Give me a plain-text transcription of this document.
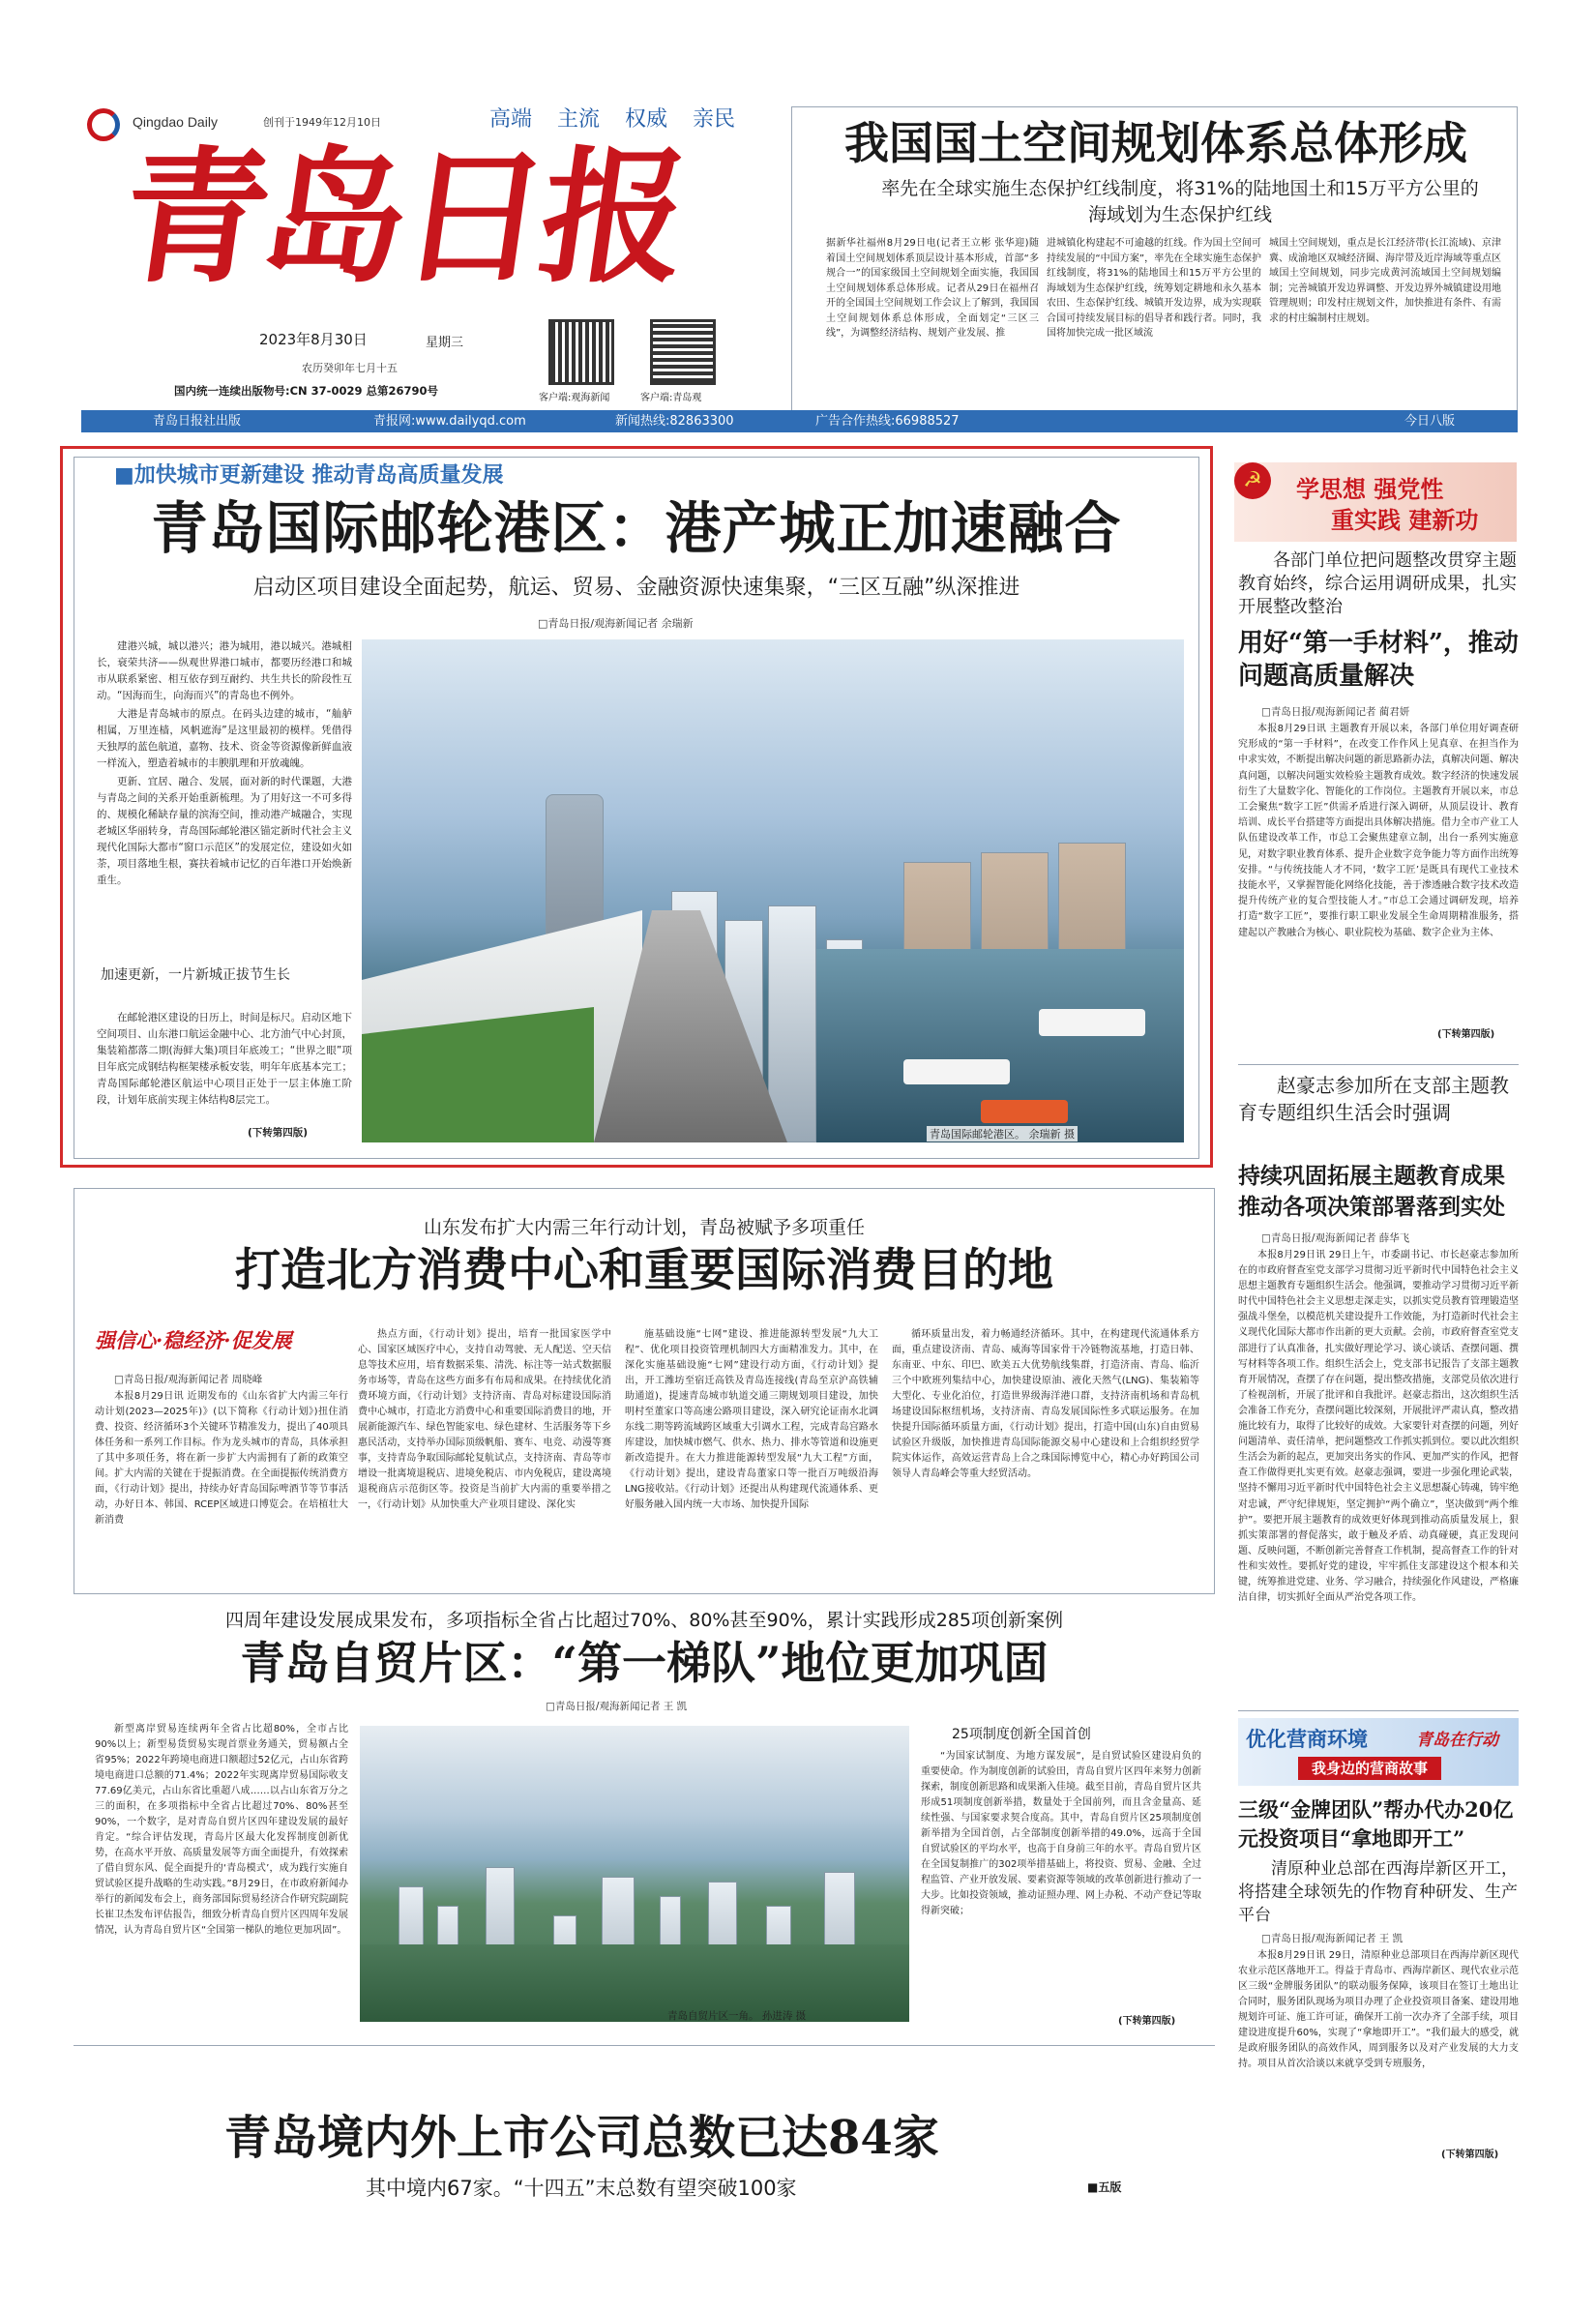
Qingdao Daily	创刊于1949年12月10日	高端 主流 权威 亲民
青岛日报
2023年8月30日	星期三
农历癸卯年七月十五
国内统一连续出版物号:CN 37-0029 总第26790号
客户端:观海新闻	客户端:青岛观
我国国土空间规划体系总体形成
率先在全球实施生态保护红线制度，将31%的陆地国土和15万平方公里的海域划为生态保护红线
据新华社福州8月29日电(记者王立彬 张华迎)随着国土空间规划体系顶层设计基本形成，首部“多规合一”的国家级国土空间规划全面实施，我国国土空间规划体系总体形成。记者从29日在福州召开的全国国土空间规划工作会议上了解到，我国国土空间规划体系总体形成，全面划定“三区三线”，为调整经济结构、规划产业发展、推
进城镇化构建起不可逾越的红线。作为国土空间可持续发展的“中国方案”，率先在全球实施生态保护红线制度，将31%的陆地国土和15万平方公里的海域划为生态保护红线，统筹划定耕地和永久基本农田、生态保护红线、城镇开发边界，成为实现联合国可持续发展目标的倡导者和践行者。同时，我国将加快完成一批区域流
城国土空间规划，重点是长江经济带(长江流域)、京津冀、成渝地区双城经济圈、海岸带及近岸海域等重点区域国土空间规划，同步完成黄河流域国土空间规划编制；完善城镇开发边界调整、开发边界外城镇建设用地管理规则；印发村庄规划文件，加快推进有条件、有需求的村庄编制村庄规划。
青岛日报社出版	青报网:www.dailyqd.com	新闻热线:82863300	广告合作热线:66988527	今日八版
■加快城市更新建设 推动青岛高质量发展
青岛国际邮轮港区：港产城正加速融合
启动区项目建设全面起势，航运、贸易、金融资源快速集聚，“三区互融”纵深推进
□青岛日报/观海新闻记者 余瑞新

建港兴城，城以港兴；港为城用，港以城兴。港城相长，衰荣共济——纵观世界港口城市，都要历经港口和城市从联系紧密、相互依存到互耐约、共生共长的阶段性互动。“因海而生，向海而兴”的青岛也不例外。

大港是青岛城市的原点。在码头边建的城市，“舢舻相属，万里连樯，风帆遮海”是这里最初的模样。凭借得天独厚的蓝色航道，嘉物、技术、资金等资源像新鲜血液一样流入，塑造着城市的丰腴肌理和开放魂魄。

更新、宜居、融合、发展，面对新的时代课题，大港与青岛之间的关系开始重新梳理。为了用好这一不可多得的、规模化稀缺存量的滨海空间，推动港产城融合，实现老城区华丽转身，青岛国际邮轮港区锚定新时代社会主义现代化国际大都市“窗口示范区”的发展定位，建设如火如荼，项目落地生根，赛扶着城市记忆的百年港口开始焕新重生。

加速更新，一片新城正拔节生长

在邮轮港区建设的日历上，时间是标尺。启动区地下空间项目、山东港口航运金融中心、北方油气中心封顶，集装箱都落二期(海鲜大集)项目年底竣工；“世界之眼”项目年底完成钢结构框架楼承板安装，明年年底基本完工；青岛国际邮轮港区航运中心项目正处于一层主体施工阶段，计划年底前实现主体结构8层完工。

(下转第四版)	青岛国际邮轮港区。 余瑞新 摄
☭	学思想 强党性
重实践 建新功
各部门单位把问题整改贯穿主题教育始终，综合运用调研成果，扎实开展整改整治
用好“第一手材料”，推动问题高质量解决
□青岛日报/观海新闻记者 蔺君妍

本报8月29日讯 主题教育开展以来，各部门单位用好调查研究形成的“第一手材料”，在改变工作作风上见真章、在担当作为中求实效，不断提出解决问题的新思路新办法，真解决问题、解决真问题，以解决问题实效检验主题教育成效。数字经济的快速发展衍生了大量数字化、智能化的工作岗位。主题教育开展以来，市总工会聚焦“数字工匠”供需矛盾进行深入调研，从顶层设计、教育培训、成长平台搭建等方面提出具体解决措施。借力全市产业工人队伍建设改革工作，市总工会聚焦建章立制，出台一系列实施意见，对数字职业教育体系、提升企业数字竞争能力等方面作出统筹安排。“与传统技能人才不同，‘数字工匠’是既具有现代工业技术技能水平，又掌握智能化网络化技能，善于渗透融合数字技术改造提升传统产业的复合型技能人才。”市总工会通过调研发现，培养打造“数字工匠”，要推行职工职业发展全生命周期精准服务，搭建起以产教融合为核心、职业院校为基础、数字企业为主体、

(下转第四版)
赵豪志参加所在支部主题教育专题组织生活会时强调
持续巩固拓展主题教育成果推动各项决策部署落到实处
□青岛日报/观海新闻记者 薛华飞

本报8月29日讯 29日上午，市委副书记、市长赵豪志参加所在的市政府督查室党支部学习贯彻习近平新时代中国特色社会主义思想主题教育专题组织生活会。他强调，要推动学习贯彻习近平新时代中国特色社会主义思想走深走实，以抓实党员教育管理锻造坚强战斗堡垒，以模范机关建设提升工作效能，为打造新时代社会主义现代化国际大都市作出新的更大贡献。会前，市政府督查室党支部进行了认真准备，扎实做好理论学习、谈心谈话、查摆问题、撰写材料等各项工作。组织生活会上，党支部书记报告了支部主题教育开展情况，查摆了存在问题，提出整改措施，支部党员依次进行了检视剖析，开展了批评和自我批评。赵豪志指出，这次组织生活会准备工作充分，查摆问题比较深刻，开展批评严肃认真，整改措施比较有力，取得了比较好的成效。大家要针对查摆的问题，列好问题清单、责任清单，把问题整改工作抓实抓到位。要以此次组织生活会为新的起点，更加突出务实的作风、更加严实的作风，把督查工作做得更扎实更有效。赵豪志强调，要进一步强化理论武装，坚持不懈用习近平新时代中国特色社会主义思想凝心铸魂，铸牢绝对忠诚，严守纪律规矩，坚定拥护“两个确立”，坚决做到“两个维护”。要把开展主题教育的成效更好体现到推动高质量发展上，狠抓实策部署的督促落实，敢于触及矛盾、动真碰硬，真正发现问题、反映问题，不断创新完善督查工作机制，提高督查工作的针对性和实效性。要抓好党的建设，牢牢抓住支部建设这个根本和关键，统筹推进党建、业务、学习融合，持续强化作风建设，严格廉洁自律，切实抓好全面从严治党各项工作。

优化营商环境	青岛在行动
我身边的营商故事
三级“金牌团队”帮办代办20亿元投资项目“拿地即开工”
清原种业总部在西海岸新区开工，将搭建全球领先的作物育种研发、生产平台
□青岛日报/观海新闻记者 王 凯

本报8月29日讯 29日，清原种业总部项目在西海岸新区现代农业示范区落地开工。得益于青岛市、西海岸新区、现代农业示范区三级“金牌服务团队”的联动服务保障，该项目在签订土地出让合同时，服务团队现场为项目办理了企业投资项目备案、建设用地规划许可证、施工许可证，确保开工前一次办齐了全部手续，项目建设进度提升60%，实现了“拿地即开工”。“我们最大的感受，就是政府服务团队的高效作风，周到服务以及对产业发展的大力支持。项目从首次洽谈以来就享受到专班服务，

(下转第四版)
山东发布扩大内需三年行动计划，青岛被赋予多项重任
打造北方消费中心和重要国际消费目的地
强信心·稳经济·促发展
□青岛日报/观海新闻记者 周晓峰

本报8月29日讯 近期发布的《山东省扩大内需三年行动计划(2023—2025年)》(以下简称《行动计划》)扭住消费、投资、经济循环3个关键环节精准发力，提出了40项具体任务和一系列工作目标。作为龙头城市的青岛，具体承担了其中多项任务，将在新一步扩大内需拥有了新的政策空间。扩大内需的关键在于提振消费。在全面提振传统消费方面，《行动计划》提出，持续办好青岛国际啤酒节等节事活动，办好日本、韩国、RCEP区域进口博览会。在培植壮大新消费

热点方面，《行动计划》提出，培育一批国家医学中心、国家区域医疗中心，支持自动驾驶、无人配送、空天信息等技术应用，培育数据采集、清洗、标注等一站式数据服务市场等，青岛在这些方面多有布局和成果。在持续优化消费环境方面，《行动计划》支持济南、青岛对标建设国际消费中心城市，打造北方消费中心和重要国际消费目的地，开展新能源汽车、绿色智能家电、绿色建材、生活服务等下乡惠民活动，支持举办国际顶级帆船、赛车、电竞、动漫等赛事，支持青岛争取国际邮轮复航试点，支持济南、青岛等市增设一批离境退税店、进境免税店、市内免税店，建设离境退税商店示范街区等。投资是当前扩大内需的重要举措之一，《行动计划》从加快重大产业项目建设、深化实

施基础设施“七网”建设、推进能源转型发展“九大工程”、优化项目投资管理机制四大方面精准发力。其中，在深化实施基础设施“七网”建设行动方面，《行动计划》提出，开工潍坊至宿迁高铁及青岛连接线(青岛至京沪高铁辅助通道)，提速青岛城市轨道交通三期规划项目建设，加快明村至董家口等高速公路项目建设，深入研究论证南水北调东线二期等跨流域跨区域重大引调水工程，完成青岛宫路水库建设，加快城市燃气、供水、热力、排水等管道和设施更新改造提升。在大力推进能源转型发展“九大工程”方面，《行动计划》提出，建设青岛董家口等一批百万吨级沿海LNG接收站。《行动计划》还提出从构建现代流通体系、更好服务融入国内统一大市场、加快提升国际

循环质量出发，着力畅通经济循环。其中，在构建现代流通体系方面，重点建设济南、青岛、威海等国家骨干冷链物流基地，打造日韩、东南亚、中东、印巴、欧美五大优势航线集群，打造济南、青岛、临沂三个中欧班列集结中心，加快建设原油、液化天然气(LNG)、集装箱等大型化、专业化泊位，打造世界级海洋港口群，支持济南机场和青岛机场建设国际枢纽机场，支持济南、青岛发展国际性多式联运服务。在加快提升国际循环质量方面，《行动计划》提出，打造中国(山东)自由贸易试验区升级版，加快推进青岛国际能源交易中心建设和上合组织经贸学院实体运作，高效运营青岛上合之珠国际博览中心，精心办好跨国公司领导人青岛峰会等重大经贸活动。

四周年建设发展成果发布，多项指标全省占比超过70%、80%甚至90%，累计实践形成285项创新案例
青岛自贸片区：“第一梯队”地位更加巩固
□青岛日报/观海新闻记者 王 凯

新型离岸贸易连续两年全省占比超80%，全市占比90%以上；新型易货贸易实现首票业务通关，贸易额占全省95%；2022年跨境电商进口额超过52亿元，占山东省跨境电商进口总额的71.4%；2022年实现离岸贸易国际收支77.69亿美元，占山东省比重超八成……以占山东省万分之三的面积，在多项指标中全省占比超过70%、80%甚至90%，一个数字，是对青岛自贸片区四年建设发展的最好肯定。“综合评估发现，青岛片区最大化发挥制度创新优势，在高水平开放、高质量发展等方面全面提升，有效探索了借自贸东风、促全面提升的‘青岛模式’，成为践行实施自贸试验区提升战略的生动实践。”8月29日，在市政府新闻办举行的新闻发布会上，商务部国际贸易经济合作研究院副院长崔卫杰发布评估报告，细致分析青岛自贸片区四周年发展情况，认为青岛自贸片区“全国第一梯队的地位更加巩固”。

青岛自贸片区一角。 孙进涛 摄
25项制度创新全国首创

“为国家试制度、为地方谋发展”，是自贸试验区建设肩负的重要使命。作为制度创新的试验田，青岛自贸片区四年来努力创新探索，制度创新思路和成果渐入佳境。截至目前，青岛自贸片区共形成51项制度创新举措，数量处于全国前列，而且含金量高、延续性强、与国家要求契合度高。其中，青岛自贸片区25项制度创新举措为全国首创，占全部制度创新举措的49.0%，远高于全国自贸试验区的平均水平，也高于自身前三年的水平。青岛自贸片区在全国复制推广的302项举措基础上，将投资、贸易、金融、全过程监管、产业开放发展、要素资源等领域的改革创新进行推动了一大步。比如投资领域，推动证照办理、网上办税、不动产登记等取得新突破；

(下转第四版)
青岛境内外上市公司总数已达84家
其中境内67家。“十四五”末总数有望突破100家	■五版
